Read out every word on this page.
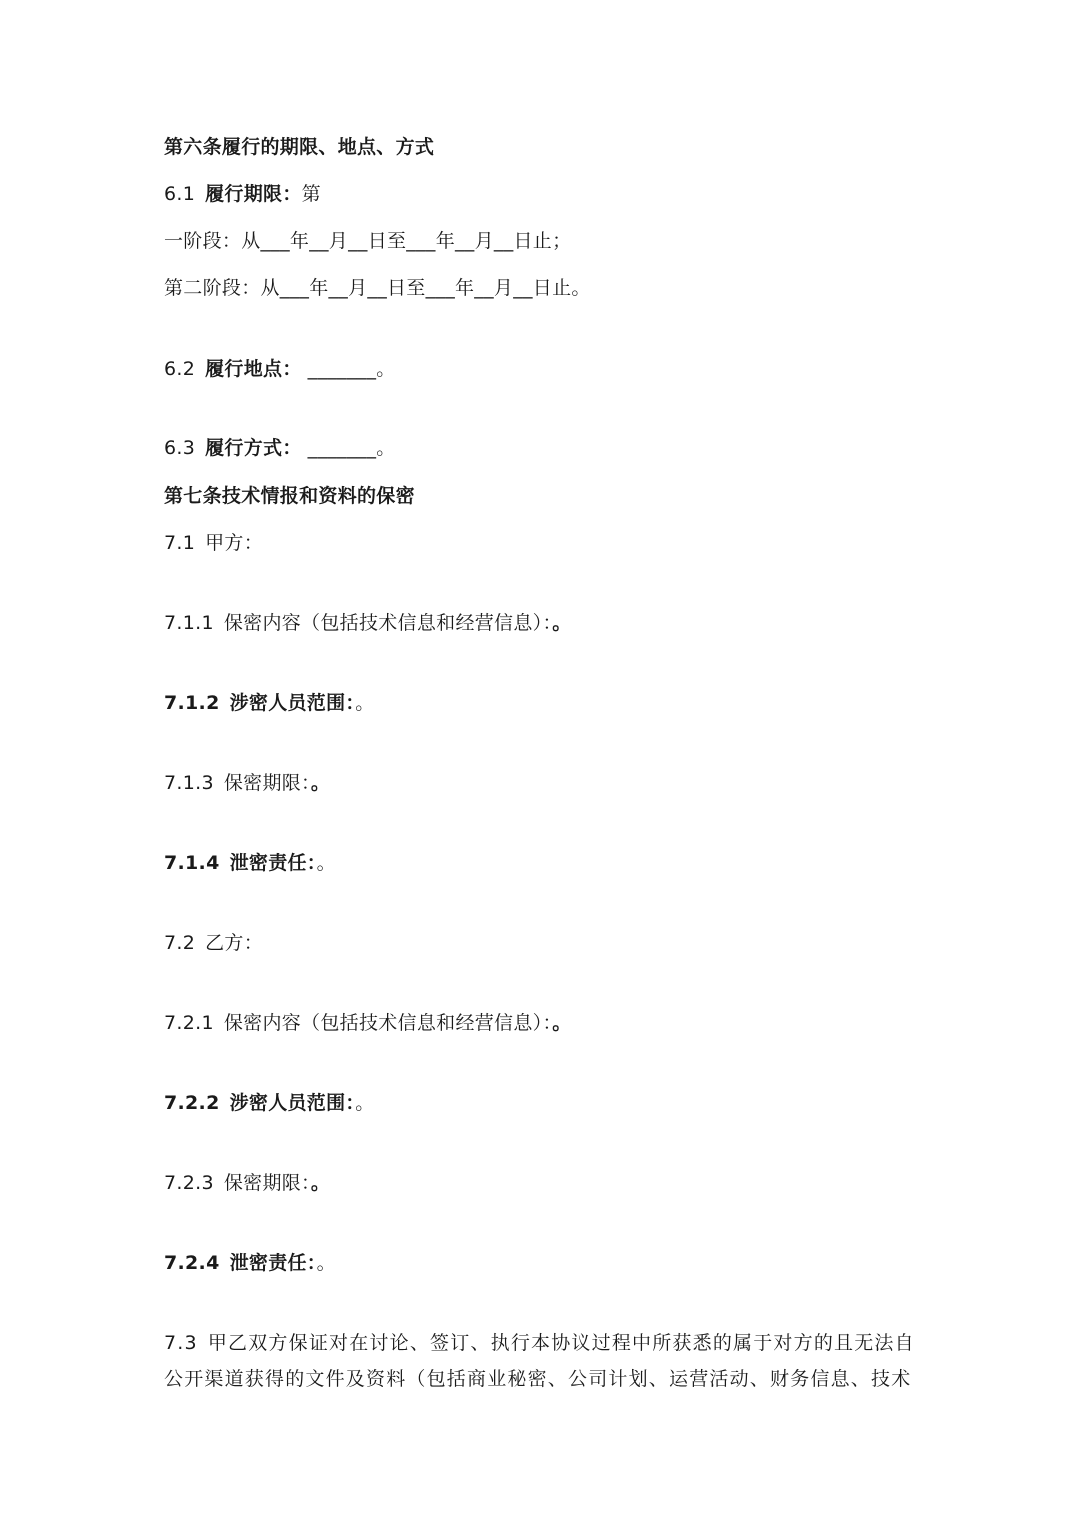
第六条履行的期限、地点、方式
6.1 履行期限：第
一阶段：从___年__月__日至___年__月__日止；
第二阶段：从___年__月__日至___年__月__日止。
6.2 履行地点： _______。
6.3 履行方式： _______。
第七条技术情报和资料的保密
7.1 甲方：
7.1.1 保密内容（包括技术信息和经营信息）：。
7.1.2 涉密人员范围：。
7.1.3 保密期限：。
7.1.4 泄密责任：。
7.2 乙方：
7.2.1 保密内容（包括技术信息和经营信息）：。
7.2.2 涉密人员范围：。
7.2.3 保密期限：。
7.2.4 泄密责任：。
7.3 甲乙双方保证对在讨论、签订、执行本协议过程中所获悉的属于对方的且无法自
公开渠道获得的文件及资料（包括商业秘密、公司计划、运营活动、财务信息、技术
